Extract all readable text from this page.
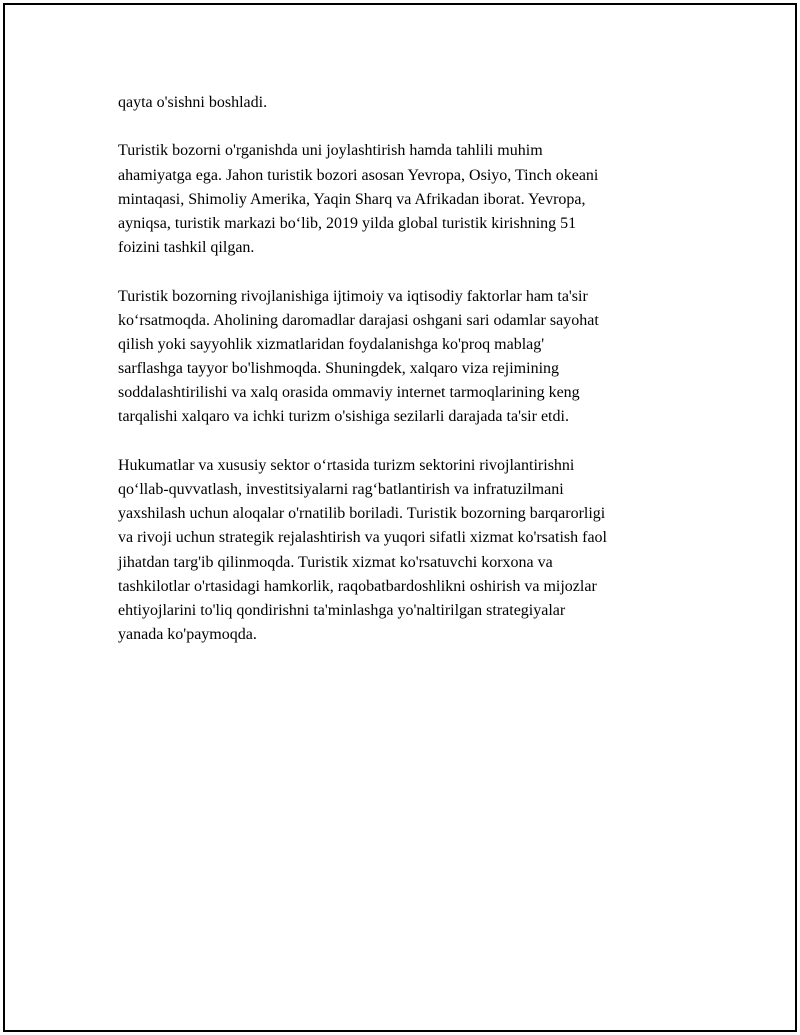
qayta o'sishni boshladi.

Turistik bozorni o'rganishda uni joylashtirish hamda tahlili muhim
ahamiyatga ega. Jahon turistik bozori asosan Yevropa, Osiyo, Tinch okeani
mintaqasi, Shimoliy Amerika, Yaqin Sharq va Afrikadan iborat. Yevropa,
ayniqsa, turistik markazi bo‘lib, 2019 yilda global turistik kirishning 51
foizini tashkil qilgan.

Turistik bozorning rivojlanishiga ijtimoiy va iqtisodiy faktorlar ham ta'sir
ko‘rsatmoqda. Aholining daromadlar darajasi oshgani sari odamlar sayohat
qilish yoki sayyohlik xizmatlaridan foydalanishga ko'proq mablag'
sarflashga tayyor bo'lishmoqda. Shuningdek, xalqaro viza rejimining
soddalashtirilishi va xalq orasida ommaviy internet tarmoqlarining keng
tarqalishi xalqaro va ichki turizm o'sishiga sezilarli darajada ta'sir etdi.

Hukumatlar va xususiy sektor o‘rtasida turizm sektorini rivojlantirishni
qo‘llab-quvvatlash, investitsiyalarni rag‘batlantirish va infratuzilmani
yaxshilash uchun aloqalar o'rnatilib boriladi. Turistik bozorning barqarorligi
va rivoji uchun strategik rejalashtirish va yuqori sifatli xizmat ko'rsatish faol
jihatdan targ'ib qilinmoqda. Turistik xizmat ko'rsatuvchi korxona va
tashkilotlar o'rtasidagi hamkorlik, raqobatbardoshlikni oshirish va mijozlar
ehtiyojlarini to'liq qondirishni ta'minlashga yo'naltirilgan strategiyalar
yanada ko'paymoqda.
